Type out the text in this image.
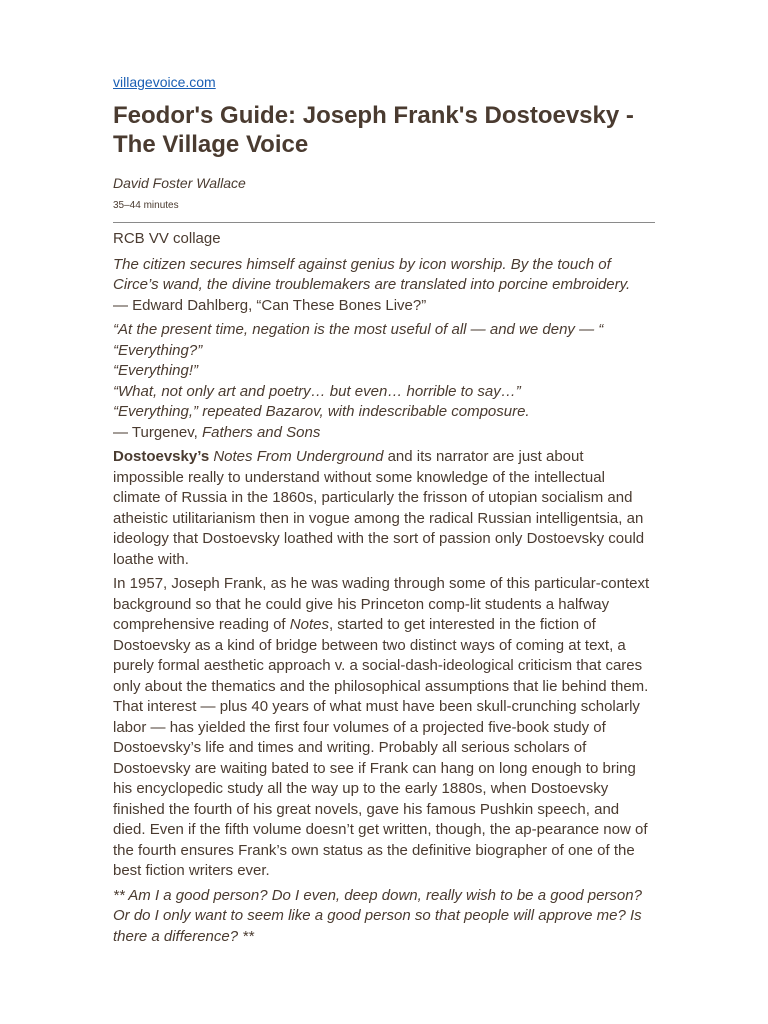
villagevoice.com
Feodor's Guide: Joseph Frank's Dostoevsky - The Village Voice
David Foster Wallace
35–44 minutes

RCB VV collage

The citizen secures himself against genius by icon worship. By the touch of Circe’s wand, the divine troublemakers are translated into porcine embroidery.
— Edward Dahlberg, “Can These Bones Live?”

“At the present time, negation is the most useful of all — and we deny — “
“Everything?”
“Everything!”
“What, not only art and poetry… but even… horrible to say…”
“Everything,” repeated Bazarov, with indescribable composure.
— Turgenev, Fathers and Sons

Dostoevsky’s Notes From Underground and its narrator are just about impossible really to understand without some knowledge of the intellectual climate of Russia in the 1860s, particularly the frisson of utopian socialism and atheistic utilitarianism then in vogue among the radical Russian intelligentsia, an ideology that Dostoevsky loathed with the sort of passion only Dostoevsky could loathe with.

In 1957, Joseph Frank, as he was wading through some of this particular-context background so that he could give his Princeton comp-lit students a halfway comprehensive reading of Notes, started to get interested in the fiction of Dostoevsky as a kind of bridge between two distinct ways of coming at text, a purely formal aesthetic approach v. a social-dash-ideological criticism that cares only about the thematics and the philosophical assumptions that lie behind them. That interest — plus 40 years of what must have been skull-crunching scholarly labor — has yielded the first four volumes of a projected five-book study of Dostoevsky’s life and times and writing. Probably all serious scholars of Dostoevsky are waiting bated to see if Frank can hang on long enough to bring his encyclopedic study all the way up to the early 1880s, when Dostoevsky finished the fourth of his great novels, gave his famous Pushkin speech, and died. Even if the fifth volume doesn’t get written, though, the ap-pearance now of the fourth ensures Frank’s own status as the definitive biographer of one of the best fiction writers ever.

** Am I a good person? Do I even, deep down, really wish to be a good person? Or do I only want to seem like a good person so that people will approve me? Is there a difference? **
